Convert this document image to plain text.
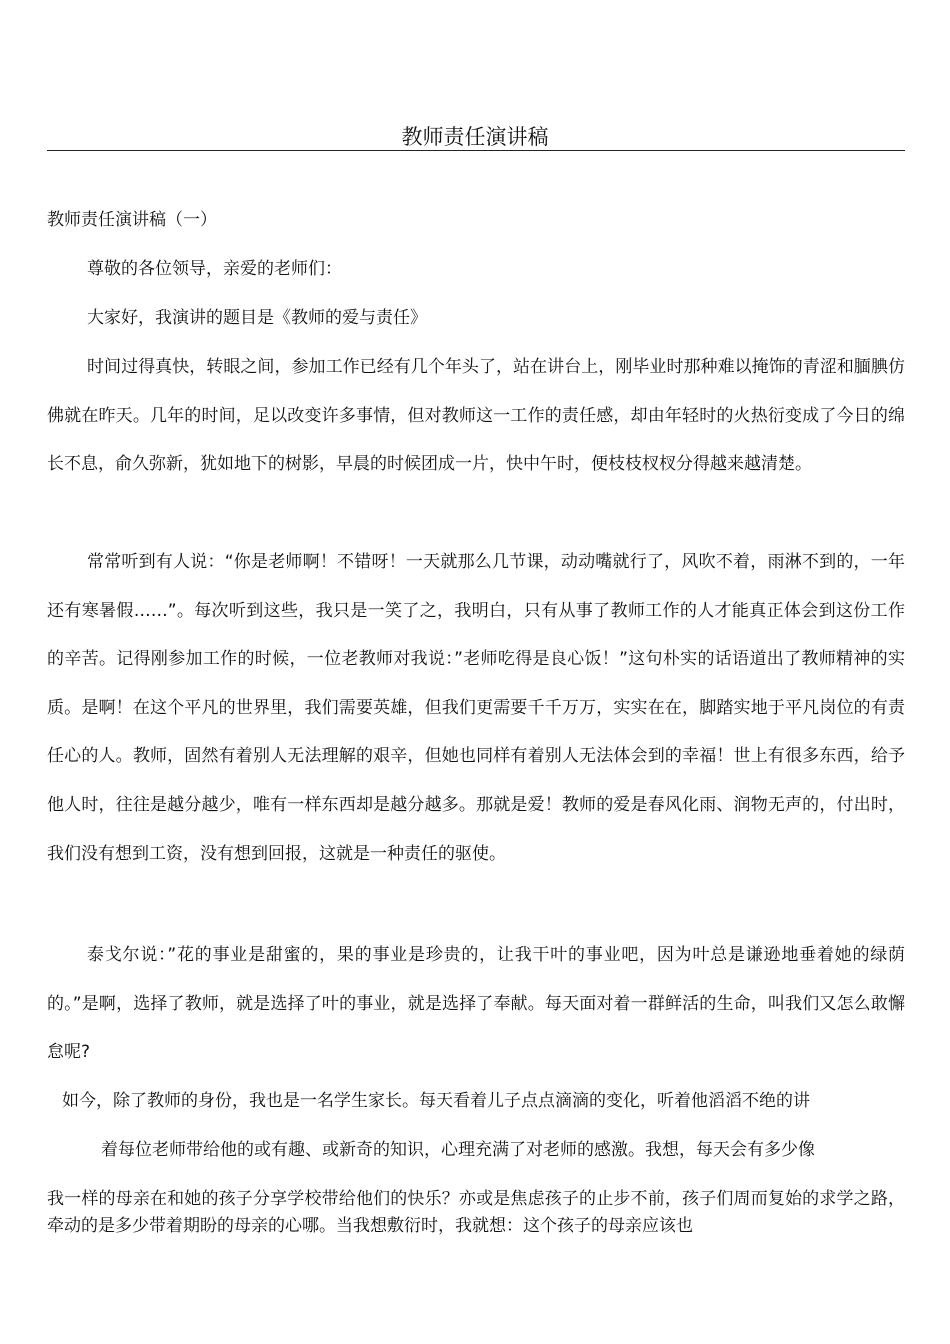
教师责任演讲稿

教师责任演讲稿（一）

尊敬的各位领导，亲爱的老师们：

大家好，我演讲的题目是《教师的爱与责任》

时间过得真快，转眼之间，参加工作已经有几个年头了，站在讲台上，刚毕业时那种难以掩饰的青涩和腼腆仿佛就在昨天。几年的时间，足以改变许多事情，但对教师这一工作的责任感，却由年轻时的火热衍变成了今日的绵长不息，俞久弥新，犹如地下的树影，早晨的时候团成一片，快中午时，便枝枝杈杈分得越来越清楚。

常常听到有人说：“你是老师啊！不错呀！一天就那么几节课，动动嘴就行了，风吹不着，雨淋不到的，一年还有寒暑假……”。每次听到这些，我只是一笑了之，我明白，只有从事了教师工作的人才能真正体会到这份工作的辛苦。记得刚参加工作的时候，一位老教师对我说：”老师吃得是良心饭！”这句朴实的话语道出了教师精神的实质。是啊！在这个平凡的世界里，我们需要英雄，但我们更需要千千万万，实实在在，脚踏实地于平凡岗位的有责任心的人。教师，固然有着别人无法理解的艰辛，但她也同样有着别人无法体会到的幸福！世上有很多东西，给予他人时，往往是越分越少，唯有一样东西却是越分越多。那就是爱！教师的爱是春风化雨、润物无声的，付出时，我们没有想到工资，没有想到回报，这就是一种责任的驱使。

泰戈尔说：”花的事业是甜蜜的，果的事业是珍贵的，让我干叶的事业吧，因为叶总是谦逊地垂着她的绿荫的。”是啊，选择了教师，就是选择了叶的事业，就是选择了奉献。每天面对着一群鲜活的生命，叫我们又怎么敢懈怠呢?

如今，除了教师的身份，我也是一名学生家长。每天看着儿子点点滴滴的变化，听着他滔滔不绝的讲

着每位老师带给他的或有趣、或新奇的知识，心理充满了对老师的感激。我想，每天会有多少像

我一样的母亲在和她的孩子分享学校带给他们的快乐？亦或是焦虑孩子的止步不前，孩子们周而复始的求学之路，牵动的是多少带着期盼的母亲的心哪。当我想敷衍时，我就想：这个孩子的母亲应该也
